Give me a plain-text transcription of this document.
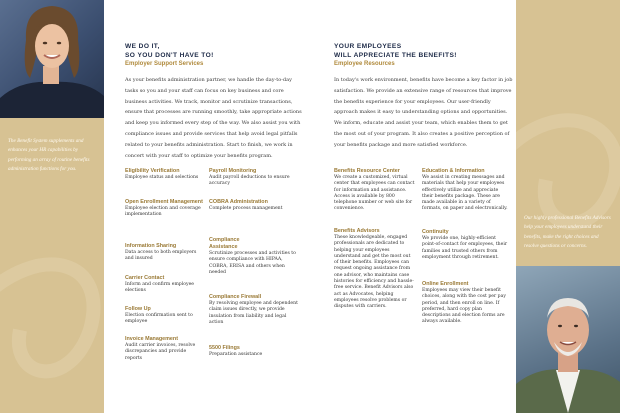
The Benefit System supplements and enhances your HR capabilities by performing an array of routine benefits administration functions for you.
WE DO IT,
SO YOU DON'T HAVE TO!
Employer Support Services
As your benefits administration partner, we handle the day-to-day tasks so you and your staff can focus on key business and core business activities. We track, monitor and scrutinize transactions, ensure that processes are running smoothly, take appropriate actions and keep you informed every step of the way. We also assist you with compliance issues and provide services that help avoid legal pitfalls related to your benefits administration. Start to finish, we work in concert with your staff to optimize your benefits program.
Eligibility Verification
Employee status and selections
Open Enrollment Management
Employee election and coverage implementation
Information Sharing
Data access to both employers and insured
Carrier Contact
Inform and confirm employee elections
Follow Up
Election confirmation sent to employee
Invoice Management
Audit carrier invoices, resolve discrepancies and provide reports
Payroll Monitoring
Audit payroll deductions to ensure accuracy
COBRA Administration
Complete process management
Compliance Assistance
Scrutinize processes and activities to ensure compliance with HIPAA, COBRA, ERISA and others when needed
Compliance Firewall
By resolving employee and dependent claim issues directly, we provide insulation from liability and legal action
5500 Filings
Preparation assistance
YOUR EMPLOYEES
WILL APPRECIATE THE BENEFITS!
Employee Resources
In today's work environment, benefits have become a key factor in job satisfaction. We provide an extensive range of resources that improve the benefits experience for your employees. Our user-friendly approach makes it easy to understanding options and opportunities. We inform, educate and assist your team, which enables them to get the most out of your program. It also creates a positive perception of your benefits package and more satisfied workforce.
Benefits Resource Center
We create a customized, virtual center that employees can contact for information and assistance. Access is available by 800 telephone number or web site for convenience.
Benefits Advisors
These knowledgeable, engaged professionals are dedicated to helping your employees understand and get the most out of their benefits. Employees can request ongoing assistance from one advisor, who maintains case histories for efficiency and hassle-free service. Benefit Advisors also act as Advocates, helping employees resolve problems or disputes with carriers.
Education & Information
We assist in creating messages and materials that help your employees effectively utilize and appreciate their benefits package. These are made available in a variety of formats, on paper and electronically.
Continuity
We provide one, highly-efficient point-of-contact for employees, their families and trusted others from employment through retirement.
Online Enrollment
Employees may view their benefit choices, along with the cost per pay period, and then enroll on line. If preferred, hard copy plan descriptions and election forms are always available.
Our highly professional Benefits Advisors help your employees understand their benefits, make the right choices and resolve questions or concerns.
